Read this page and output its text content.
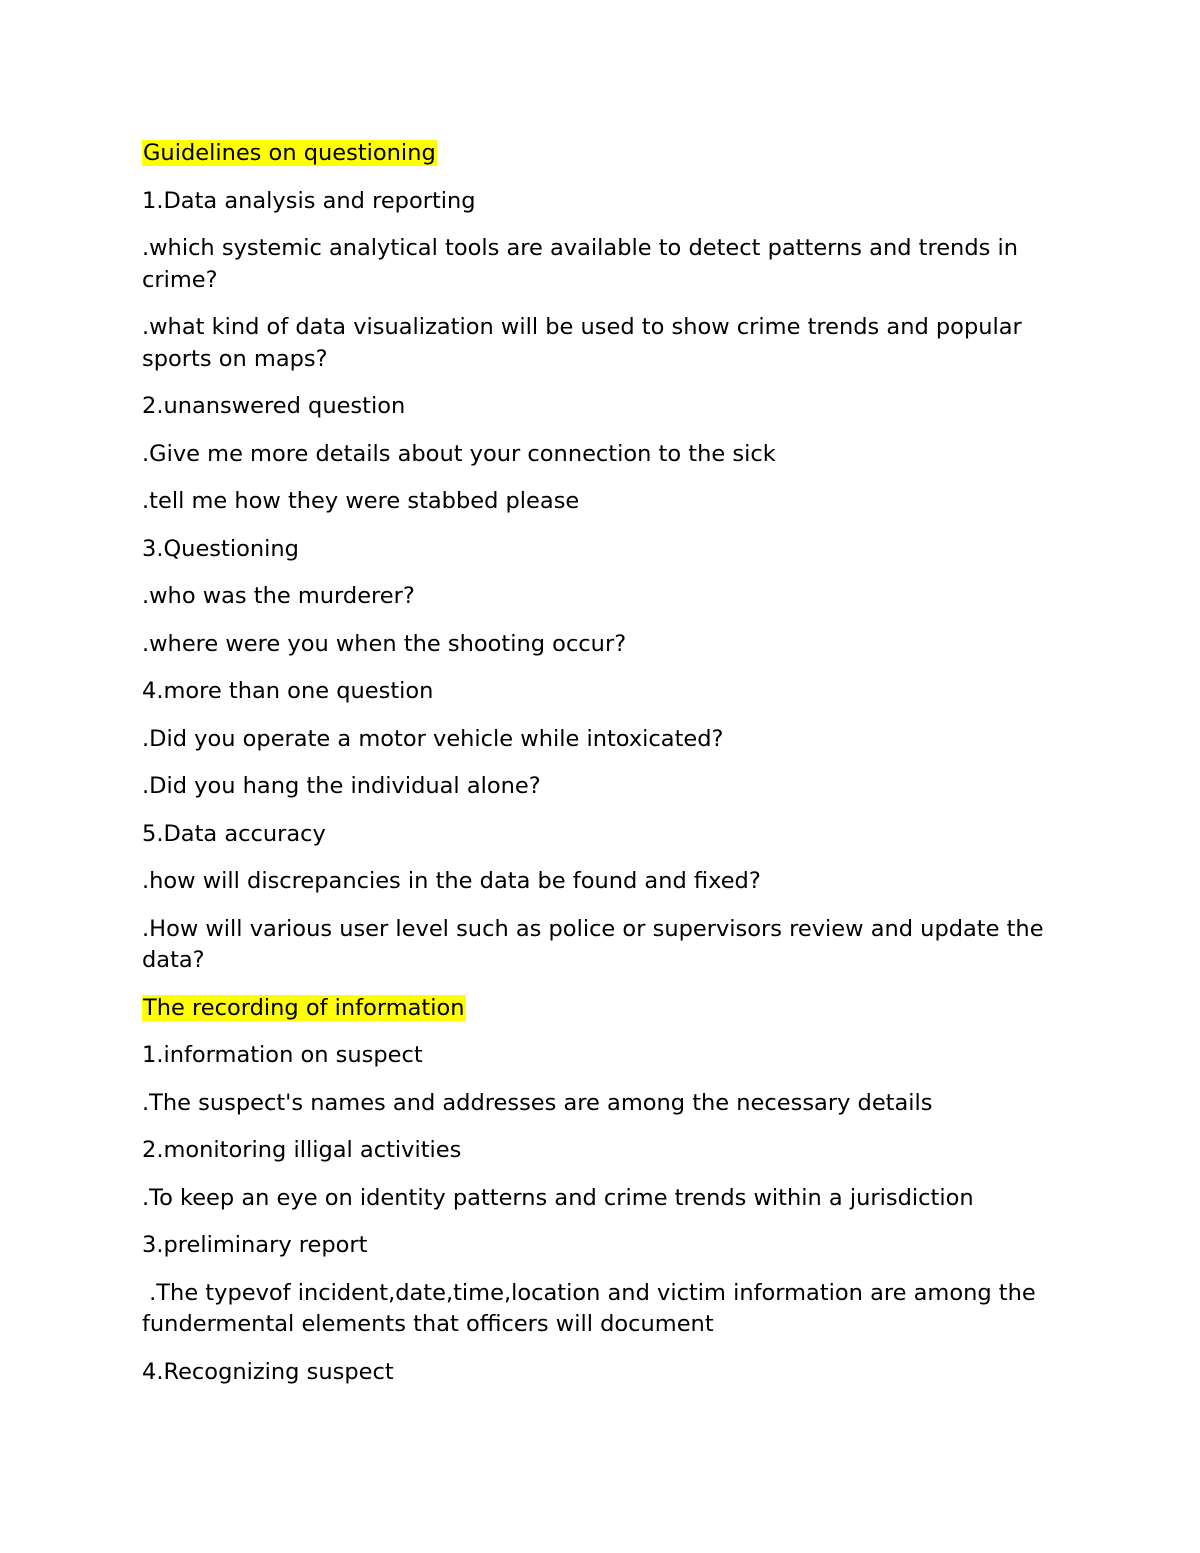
Guidelines on questioning

1.Data analysis and reporting

.which systemic analytical tools are available to detect patterns and trends in crime?

.what kind of data visualization will be used to show crime trends and popular sports on maps?

2.unanswered question

.Give me more details about your connection to the sick

.tell me how they were stabbed please

3.Questioning

.who was the murderer?

.where were you when the shooting occur?

4.more than one question

.Did you operate a motor vehicle while intoxicated?

.Did you hang the individual alone?

5.Data accuracy

.how will discrepancies in the data be found and fixed?

.How will various user level such as police or supervisors review and update the data?

The recording of information

1.information on suspect

.The suspect's names and addresses are among the necessary details

2.monitoring illigal activities

.To keep an eye on identity patterns and crime trends within a jurisdiction

3.preliminary report

.The typevof incident,date,time,location and victim information are among the fundermental elements that officers will document

4.Recognizing suspect
